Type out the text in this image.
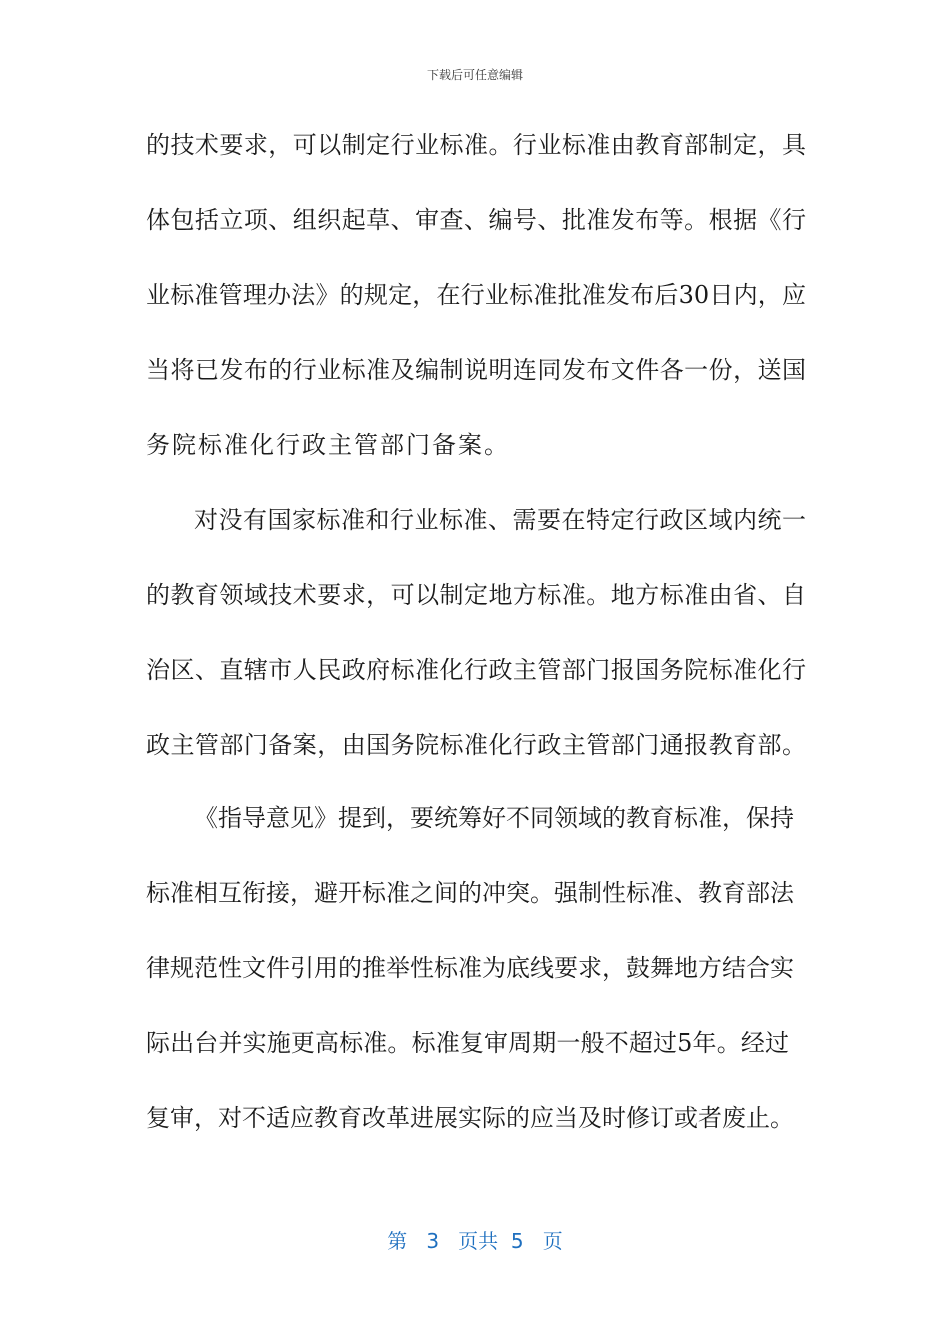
下载后可任意编辑
的技术要求，可以制定行业标准。行业标准由教育部制定，具
体包括立项、组织起草、审查、编号、批准发布等。根据《行
业标准管理办法》的规定，在行业标准批准发布后30日内，应
当将已发布的行业标准及编制说明连同发布文件各一份，送国
务院标准化行政主管部门备案。
对没有国家标准和行业标准、需要在特定行政区域内统一
的教育领域技术要求，可以制定地方标准。地方标准由省、自
治区、直辖市人民政府标准化行政主管部门报国务院标准化行
政主管部门备案，由国务院标准化行政主管部门通报教育部。
《指导意见》提到，要统筹好不同领域的教育标准，保持
标准相互衔接，避开标准之间的冲突。强制性标准、教育部法
律规范性文件引用的推举性标准为底线要求，鼓舞地方结合实
际出台并实施更高标准。标准复审周期一般不超过5年。经过
复审，对不适应教育改革进展实际的应当及时修订或者废止。
第 3 页共 5 页
